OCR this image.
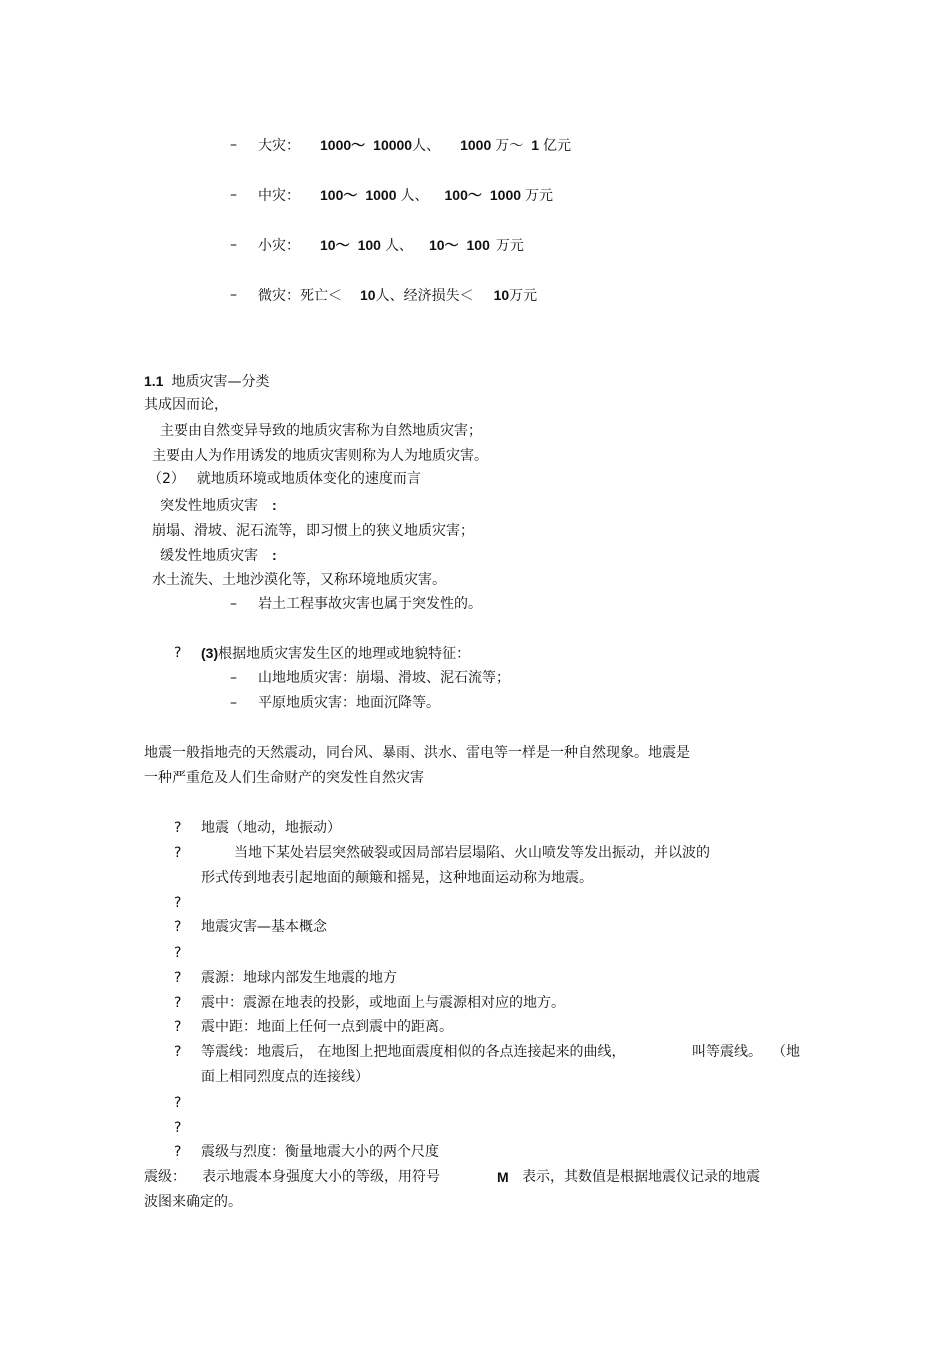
– 大灾： 1000～ 10000人、 1000 万～ 1 亿元
– 中灾： 100～ 1000 人、 100～ 1000 万元
– 小灾： 10～ 100 人、 10～ 100 万元
– 微灾：死亡＜ 10人、经济损失＜ 10万元
1.1 地质灾害—分类
其成因而论，
主要由自然变异导致的地质灾害称为自然地质灾害；
主要由人为作用诱发的地质灾害则称为人为地质灾害。
（2） 就地质环境或地质体变化的速度而言
突发性地质灾害 :
崩塌、滑坡、泥石流等，即习惯上的狭义地质灾害；
缓发性地质灾害 :
水土流失、土地沙漠化等，又称环境地质灾害。
– 岩土工程事故灾害也属于突发性的。
? (3)根据地质灾害发生区的地理或地貌特征：
– 山地地质灾害：崩塌、滑坡、泥石流等；
– 平原地质灾害：地面沉降等。
地震一般指地壳的天然震动，同台风、暴雨、洪水、雷电等一样是一种自然现象。地震是
一种严重危及人们生命财产的突发性自然灾害
? 地震（地动，地振动）
?	当地下某处岩层突然破裂或因局部岩层塌陷、火山喷发等发出振动，并以波的
形式传到地表引起地面的颠簸和摇晃，这种地面运动称为地震。
?
? 地震灾害—基本概念
?
? 震源：地球内部发生地震的地方
? 震中：震源在地表的投影，或地面上与震源相对应的地方。
? 震中距：地面上任何一点到震中的距离。
? 等震线：地震后， 在地图上把地面震度相似的各点连接起来的曲线，	叫等震线。 （地
面上相同烈度点的连接线）
?
?
? 震级与烈度：衡量地震大小的两个尺度
震级： 表示地震本身强度大小的等级，用符号	M 表示，其数值是根据地震仪记录的地震
波图来确定的。
